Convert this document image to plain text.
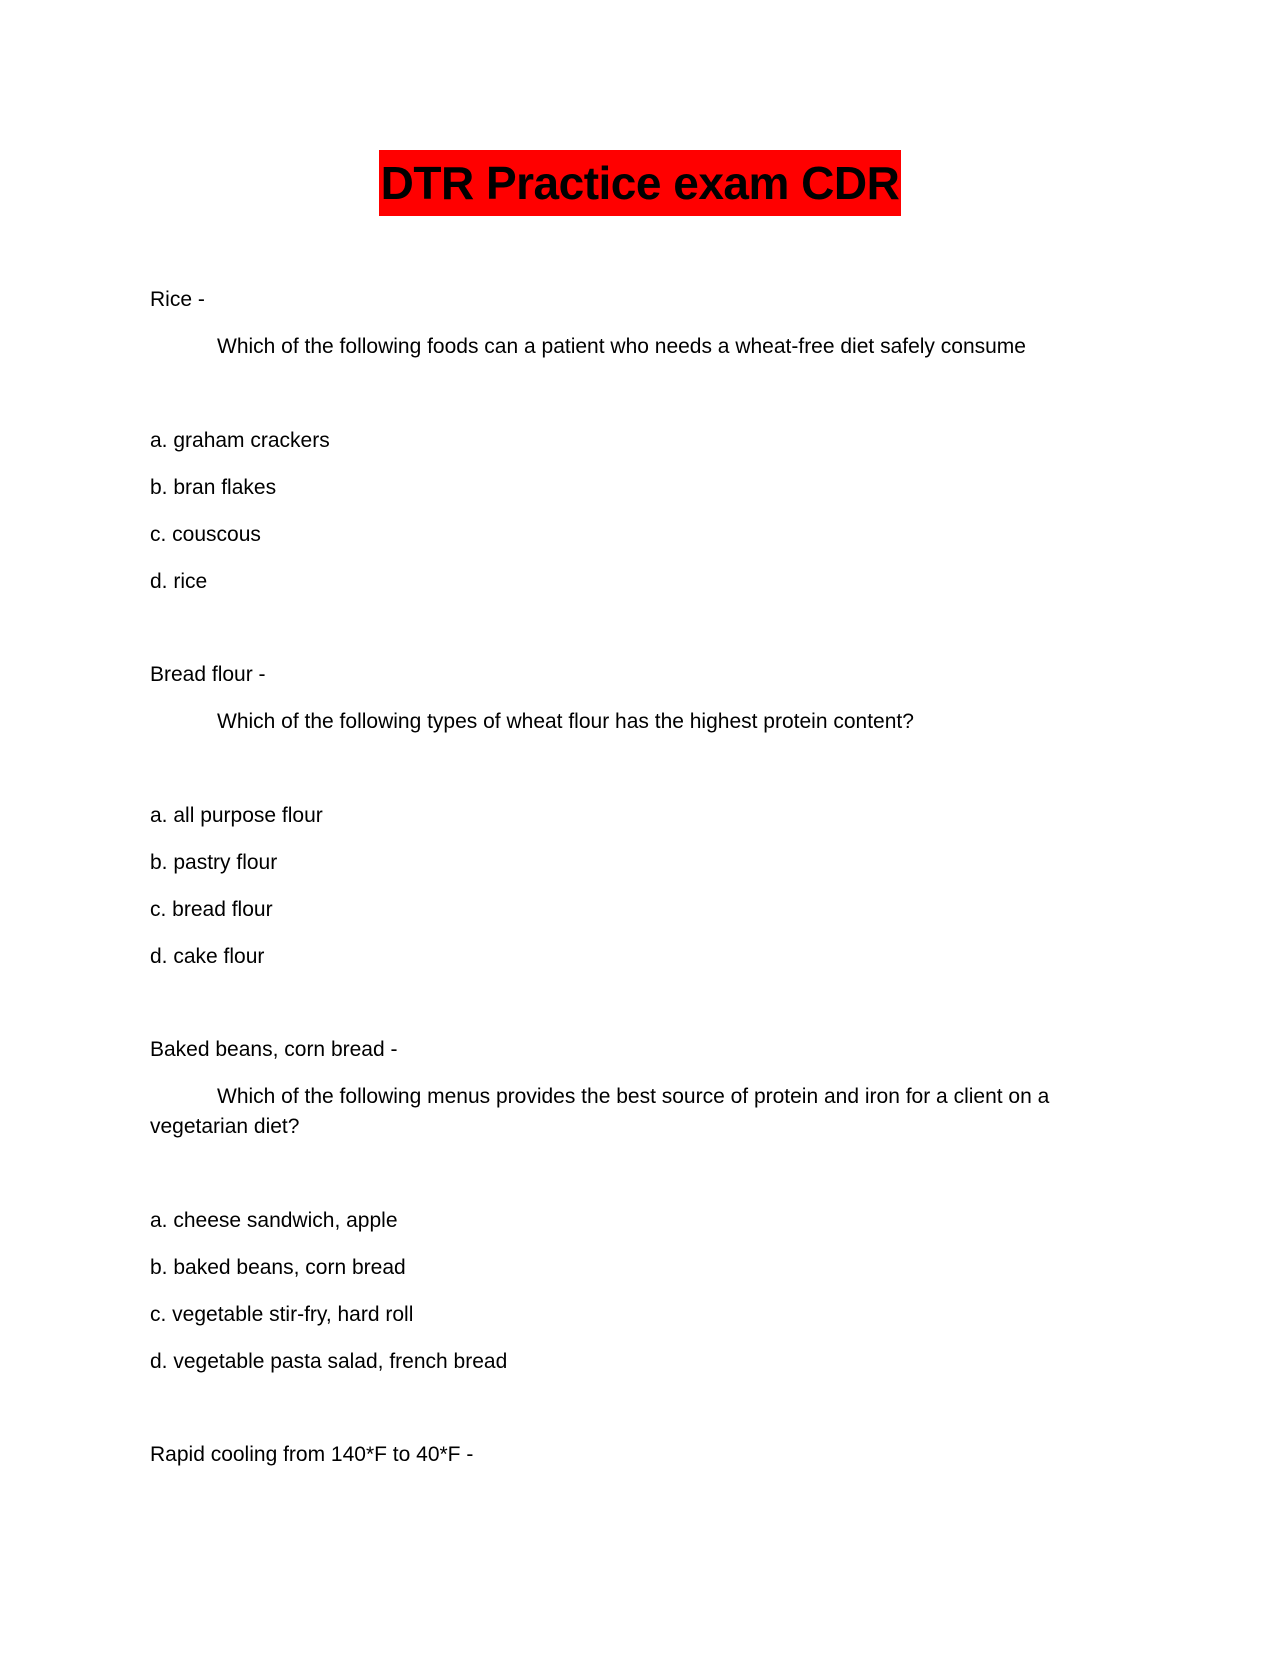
DTR Practice exam CDR
Rice -
Which of the following foods can a patient who needs a wheat-free diet safely consume
a. graham crackers
b. bran flakes
c. couscous
d. rice
Bread flour -
Which of the following types of wheat flour has the highest protein content?
a. all purpose flour
b. pastry flour
c. bread flour
d. cake flour
Baked beans, corn bread -
Which of the following menus provides the best source of protein and iron for a client on a vegetarian diet?
a. cheese sandwich, apple
b. baked beans, corn bread
c. vegetable stir-fry, hard roll
d. vegetable pasta salad, french bread
Rapid cooling from 140*F to 40*F -
